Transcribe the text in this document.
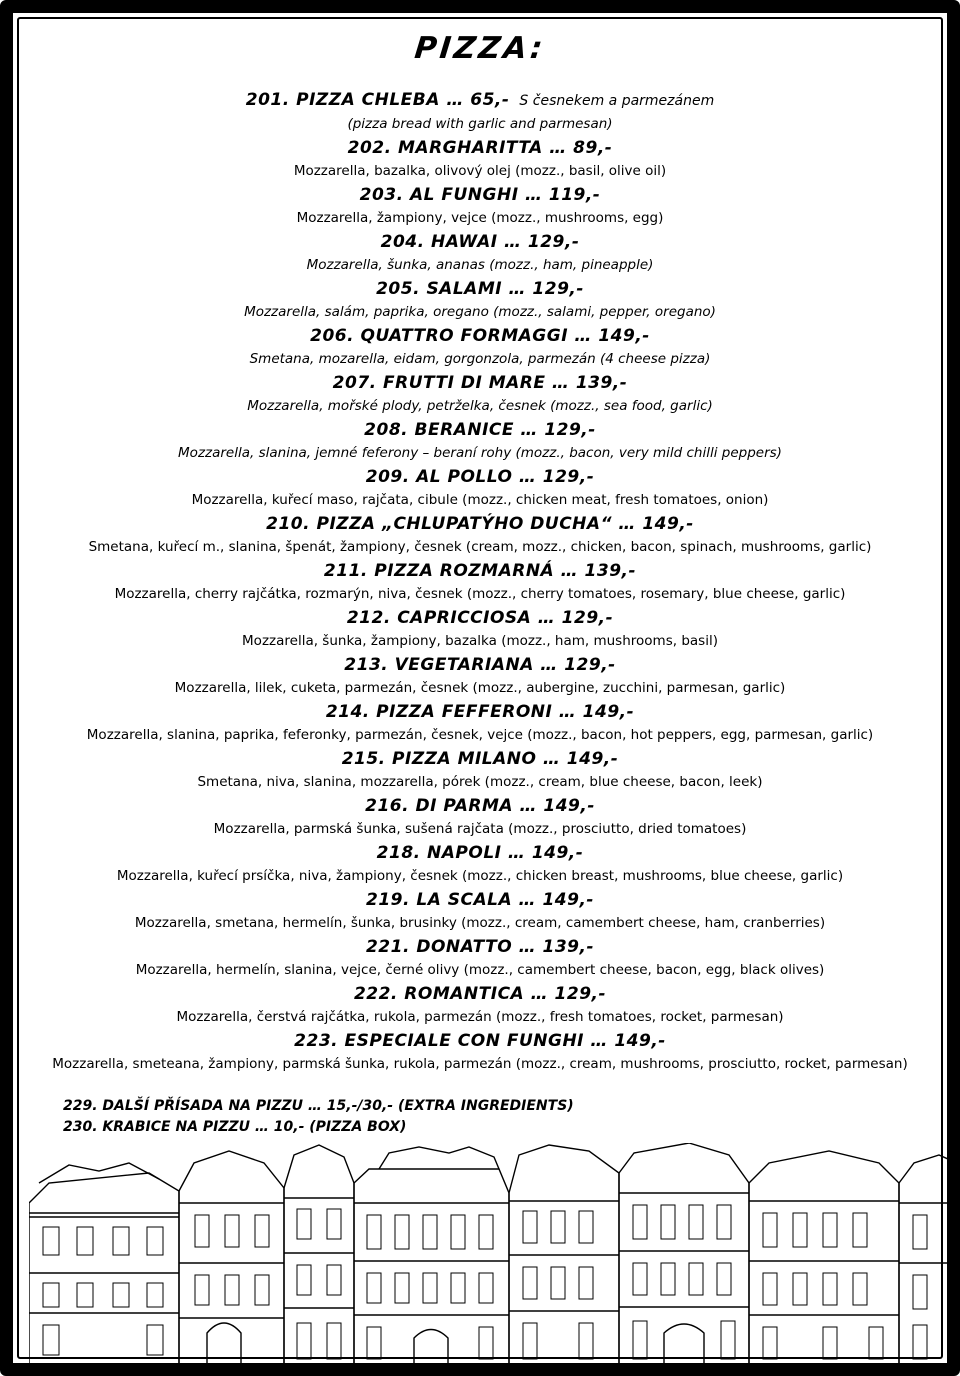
PIZZA:
201. PIZZA CHLEBA … 65,- S česnekem a parmezánem
(pizza bread with garlic and parmesan)
202. MARGHARITTA … 89,-
Mozzarella, bazalka, olivový olej (mozz., basil, olive oil)
203. AL FUNGHI … 119,-
Mozzarella, žampiony, vejce (mozz., mushrooms, egg)
204. HAWAI … 129,-
Mozzarella, šunka, ananas (mozz., ham, pineapple)
205. SALAMI … 129,-
Mozzarella, salám, paprika, oregano (mozz., salami, pepper, oregano)
206. QUATTRO FORMAGGI … 149,-
Smetana, mozarella, eidam, gorgonzola, parmezán (4 cheese pizza)
207. FRUTTI DI MARE … 139,-
Mozzarella, mořské plody, petrželka, česnek (mozz., sea food, garlic)
208. BERANICE … 129,-
Mozzarella, slanina, jemné feferony – beraní rohy (mozz., bacon, very mild chilli peppers)
209. AL POLLO … 129,-
Mozzarella, kuřecí maso, rajčata, cibule (mozz., chicken meat, fresh tomatoes, onion)
210. PIZZA „CHLUPATÝHO DUCHA“ … 149,-
Smetana, kuřecí m., slanina, špenát, žampiony, česnek (cream, mozz., chicken, bacon, spinach, mushrooms, garlic)
211. PIZZA ROZMARNÁ … 139,-
Mozzarella, cherry rajčátka, rozmarýn, niva, česnek (mozz., cherry tomatoes, rosemary, blue cheese, garlic)
212. CAPRICCIOSA … 129,-
Mozzarella, šunka, žampiony, bazalka (mozz., ham, mushrooms, basil)
213. VEGETARIANA … 129,-
Mozzarella, lilek, cuketa, parmezán, česnek (mozz., aubergine, zucchini, parmesan, garlic)
214. PIZZA FEFFERONI … 149,-
Mozzarella, slanina, paprika, feferonky, parmezán, česnek, vejce (mozz., bacon, hot peppers, egg, parmesan, garlic)
215. PIZZA MILANO … 149,-
Smetana, niva, slanina, mozzarella, pórek (mozz., cream, blue cheese, bacon, leek)
216. DI PARMA … 149,-
Mozzarella, parmská šunka, sušená rajčata (mozz., prosciutto, dried tomatoes)
218. NAPOLI … 149,-
Mozzarella, kuřecí prsíčka, niva, žampiony, česnek (mozz., chicken breast, mushrooms, blue cheese, garlic)
219. LA SCALA … 149,-
Mozzarella, smetana, hermelín, šunka, brusinky (mozz., cream, camembert cheese, ham, cranberries)
221. DONATTO … 139,-
Mozzarella, hermelín, slanina, vejce, černé olivy (mozz., camembert cheese, bacon, egg, black olives)
222. ROMANTICA … 129,-
Mozzarella, čerstvá rajčátka, rukola, parmezán (mozz., fresh tomatoes, rocket, parmesan)
223. ESPECIALE CON FUNGHI … 149,-
Mozzarella, smeteana, žampiony, parmská šunka, rukola, parmezán (mozz., cream, mushrooms, prosciutto, rocket, parmesan)
229. DALŠÍ PŘÍSADA NA PIZZU … 15,-/30,- (EXTRA INGREDIENTS)
230. KRABICE NA PIZZU … 10,- (PIZZA BOX)
